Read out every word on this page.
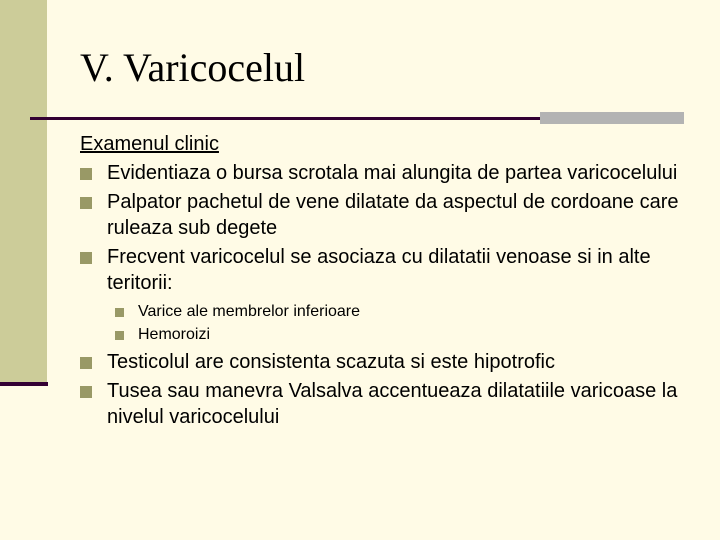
V. Varicocelul
Examenul clinic
Evidentiaza o bursa scrotala mai alungita de partea varicocelului
Palpator pachetul de vene dilatate da aspectul de cordoane care ruleaza sub degete
Frecvent varicocelul se asociaza cu dilatatii venoase si in alte teritorii:
Varice ale membrelor inferioare
Hemoroizi
Testicolul are consistenta scazuta si este hipotrofic
Tusea sau manevra Valsalva accentueaza dilatatiile varicoase la nivelul varicocelului
